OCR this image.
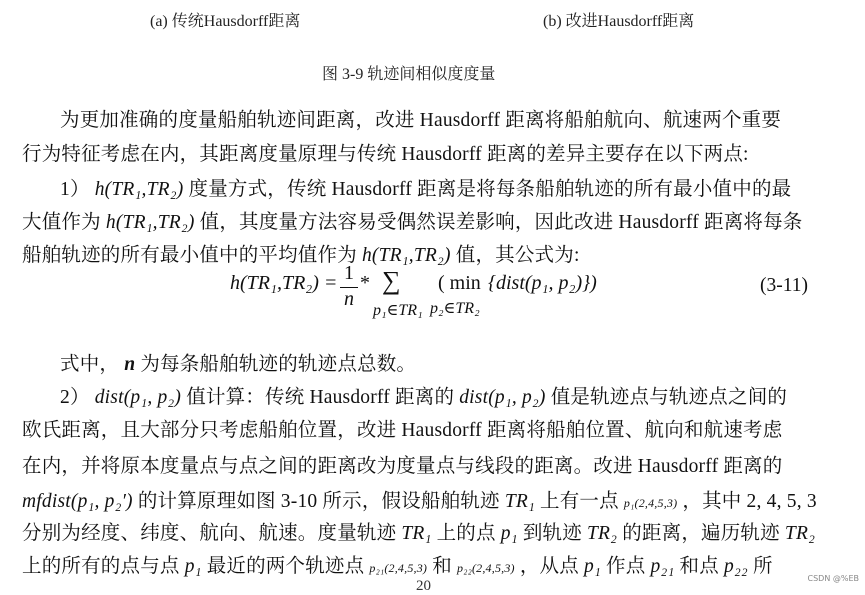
(a) 传统Hausdorff距离	(b) 改进Hausdorff距离
图 3-9 轨迹间相似度度量
为更加准确的度量船舶轨迹间距离，改进 Hausdorff 距离将船舶航向、航速两个重要
行为特征考虑在内，其距离度量原理与传统 Hausdorff 距离的差异主要存在以下两点:
1） h(TR₁,TR₂) 度量方式，传统 Hausdorff 距离是将每条船舶轨迹的所有最小值中的最
大值作为 h(TR₁,TR₂) 值，其度量方法容易受偶然误差影响，因此改进 Hausdorff 距离将每条
船舶轨迹的所有最小值中的平均值作为 h(TR₁,TR₂) 值，其公式为:
$h(TR_1,TR_2) = \frac{1}{n}$ * ∑
p₁∈TR₁
( min
p₂∈TR₂
{dist(p₁, p₂)})	(3-11)
式中， n 为每条船舶轨迹的轨迹点总数。
2） dist(p₁, p₂) 值计算：传统 Hausdorff 距离的 dist(p₁, p₂) 值是轨迹点与轨迹点之间的
欧氏距离，且大部分只考虑船舶位置，改进 Hausdorff 距离将船舶位置、航向和航速考虑
在内，并将原本度量点与点之间的距离改为度量点与线段的距离。改进 Hausdorff 距离的
mfdist(p₁, p₂′) 的计算原理如图 3-10 所示，假设船舶轨迹 TR₁ 上有一点 p₁(2,4,5,3) ，其中 2, 4, 5, 3
分别为经度、纬度、航向、航速。度量轨迹 TR₁ 上的点 p₁ 到轨迹 TR₂ 的距离，遍历轨迹 TR₂
上的所有的点与点 p₁ 最近的两个轨迹点 p₂₁(2,4,5,3) 和 p₂₂(2,4,5,3) ，从点 p₁ 作点 p₂₁ 和点 p₂₂ 所
20	CSDN @%EB
